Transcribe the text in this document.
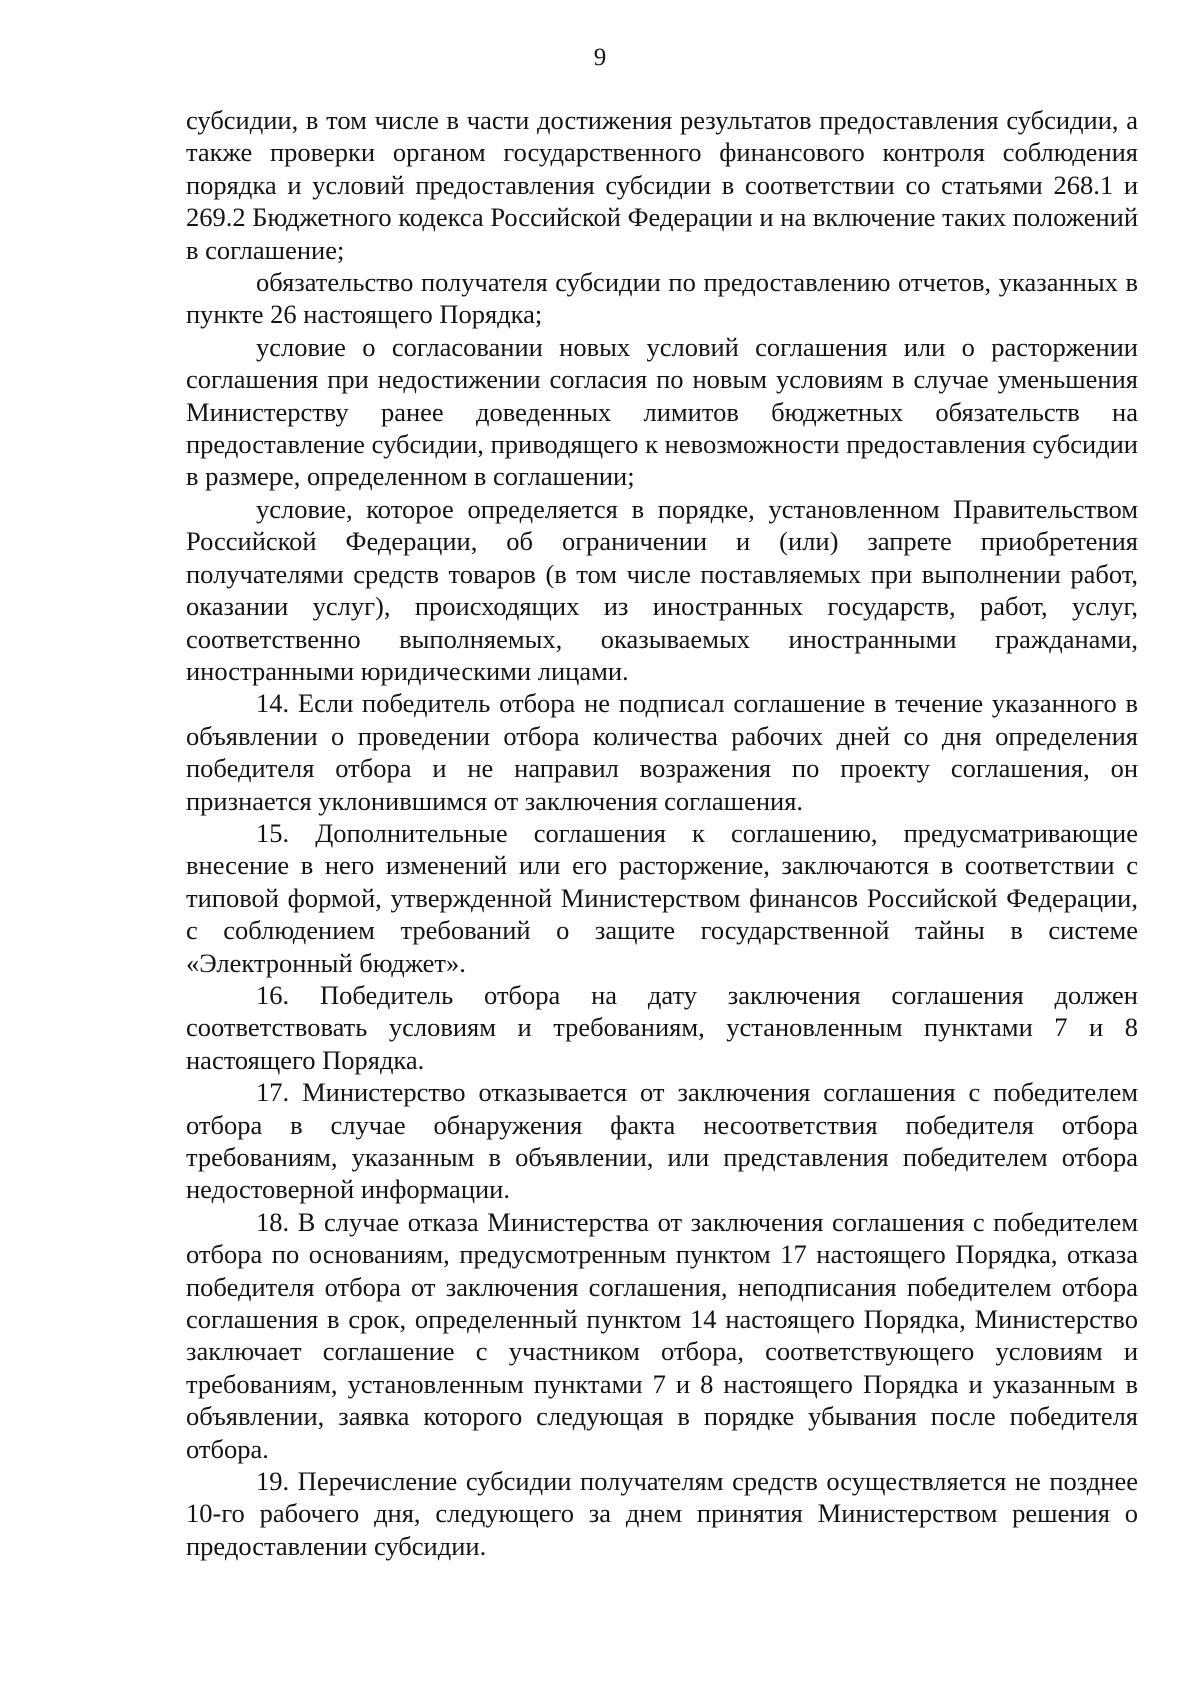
9

субсидии, в том числе в части достижения результатов предоставления субсидии, а также проверки органом государственного финансового контроля соблюдения порядка и условий предоставления субсидии в соответствии со статьями 268.1 и 269.2 Бюджетного кодекса Российской Федерации и на включение таких положений в соглашение;

обязательство получателя субсидии по предоставлению отчетов, указанных в пункте 26 настоящего Порядка;

условие о согласовании новых условий соглашения или о расторжении соглашения при недостижении согласия по новым условиям в случае уменьшения Министерству ранее доведенных лимитов бюджетных обязательств на предоставление субсидии, приводящего к невозможности предоставления субсидии в размере, определенном в соглашении;

условие, которое определяется в порядке, установленном Правительством Российской Федерации, об ограничении и (или) запрете приобретения получателями средств товаров (в том числе поставляемых при выполнении работ, оказании услуг), происходящих из иностранных государств, работ, услуг, соответственно выполняемых, оказываемых иностранными гражданами, иностранными юридическими лицами.

14. Если победитель отбора не подписал соглашение в течение указанного в объявлении о проведении отбора количества рабочих дней со дня определения победителя отбора и не направил возражения по проекту соглашения, он признается уклонившимся от заключения соглашения.

15. Дополнительные соглашения к соглашению, предусматривающие внесение в него изменений или его расторжение, заключаются в соответствии с типовой формой, утвержденной Министерством финансов Российской Федерации, с соблюдением требований о защите государственной тайны в системе «Электронный бюджет».

16. Победитель отбора на дату заключения соглашения должен соответствовать условиям и требованиям, установленным пунктами 7 и 8 настоящего Порядка.

17. Министерство отказывается от заключения соглашения с победителем отбора в случае обнаружения факта несоответствия победителя отбора требованиям, указанным в объявлении, или представления победителем отбора недостоверной информации.

18. В случае отказа Министерства от заключения соглашения с победителем отбора по основаниям, предусмотренным пунктом 17 настоящего Порядка, отказа победителя отбора от заключения соглашения, неподписания победителем отбора соглашения в срок, определенный пунктом 14 настоящего Порядка, Министерство заключает соглашение с участником отбора, соответствующего условиям и требованиям, установленным пунктами 7 и 8 настоящего Порядка и указанным в объявлении, заявка которого следующая в порядке убывания после победителя отбора.

19. Перечисление субсидии получателям средств осуществляется не позднее 10-го рабочего дня, следующего за днем принятия Министерством решения о предоставлении субсидии.
